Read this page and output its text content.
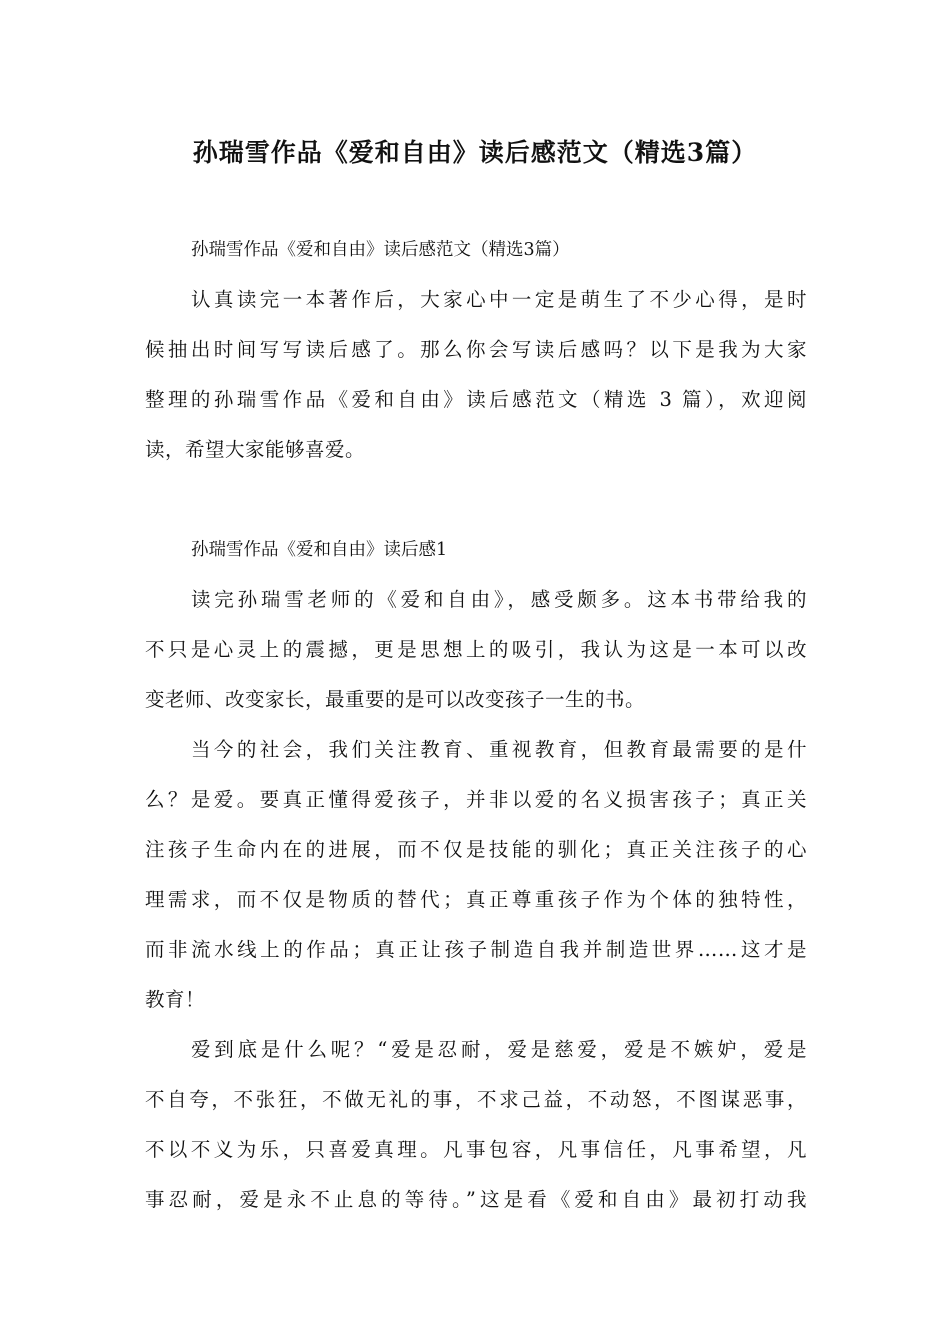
孙瑞雪作品《爱和自由》读后感范文（精选3篇）
孙瑞雪作品《爱和自由》读后感范文（精选3篇）
认真读完一本著作后，大家心中一定是萌生了不少心得，是时
候抽出时间写写读后感了。那么你会写读后感吗？以下是我为大家
整理的孙瑞雪作品《爱和自由》读后感范文（精选 3 篇），欢迎阅
读，希望大家能够喜爱。
孙瑞雪作品《爱和自由》读后感1
读完孙瑞雪老师的《爱和自由》，感受颇多。这本书带给我的
不只是心灵上的震撼，更是思想上的吸引，我认为这是一本可以改
变老师、改变家长，最重要的是可以改变孩子一生的书。
当今的社会，我们关注教育、重视教育，但教育最需要的是什
么？是爱。要真正懂得爱孩子，并非以爱的名义损害孩子；真正关
注孩子生命内在的进展，而不仅是技能的驯化；真正关注孩子的心
理需求，而不仅是物质的替代；真正尊重孩子作为个体的独特性，
而非流水线上的作品；真正让孩子制造自我并制造世界……这才是
教育！
爱到底是什么呢？“爱是忍耐，爱是慈爱，爱是不嫉妒，爱是
不自夸，不张狂，不做无礼的事，不求己益，不动怒，不图谋恶事，
不以不义为乐，只喜爱真理。凡事包容，凡事信任，凡事希望，凡
事忍耐，爱是永不止息的等待。”这是看《爱和自由》最初打动我
